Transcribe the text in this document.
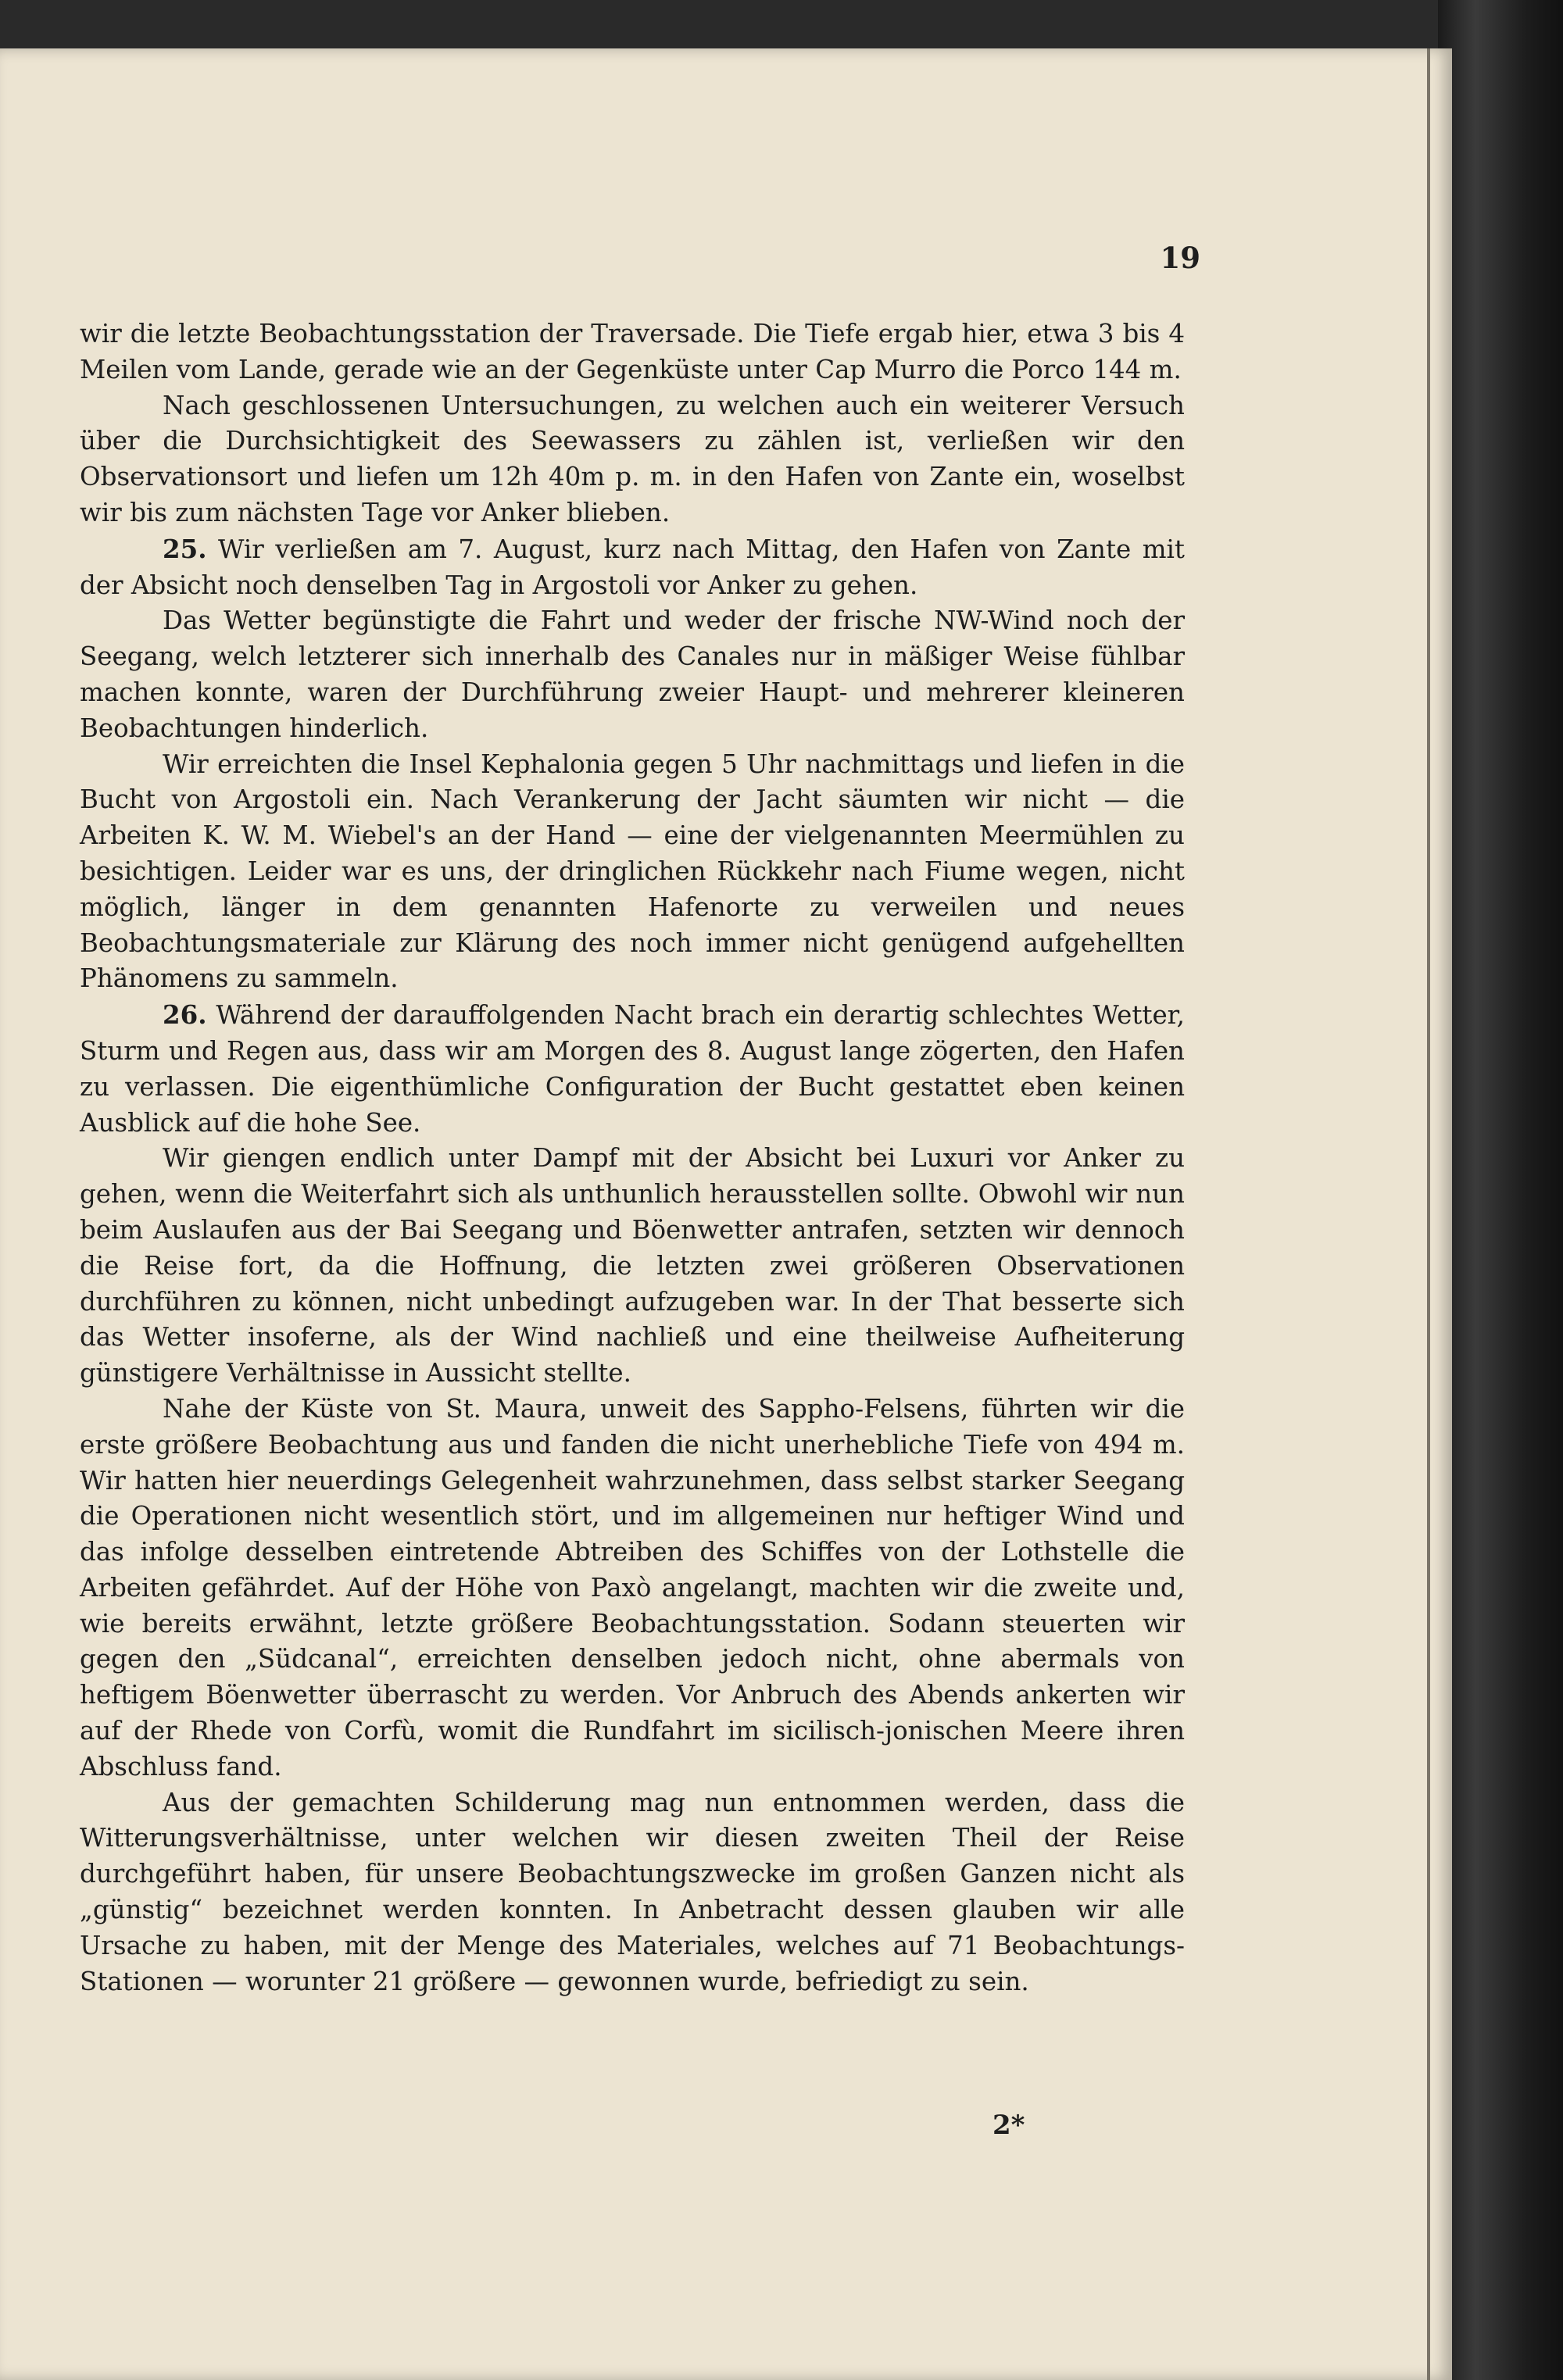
19

wir die letzte Beobachtungsstation der Traversade. Die Tiefe ergab hier, etwa 3 bis 4 Meilen vom Lande, gerade wie an der Gegenküste unter Cap Murro die Porco 144 m.

Nach geschlossenen Untersuchungen, zu welchen auch ein weiterer Versuch über die Durchsichtigkeit des Seewassers zu zählen ist, verließen wir den Observationsort und liefen um 12h 40m p. m. in den Hafen von Zante ein, woselbst wir bis zum nächsten Tage vor Anker blieben.

25. Wir verließen am 7. August, kurz nach Mittag, den Hafen von Zante mit der Absicht noch denselben Tag in Argostoli vor Anker zu gehen.

Das Wetter begünstigte die Fahrt und weder der frische NW-Wind noch der Seegang, welch letzterer sich innerhalb des Canales nur in mäßiger Weise fühlbar machen konnte, waren der Durchführung zweier Haupt- und mehrerer kleineren Beobachtungen hinderlich.

Wir erreichten die Insel Kephalonia gegen 5 Uhr nachmittags und liefen in die Bucht von Argostoli ein. Nach Verankerung der Jacht säumten wir nicht — die Arbeiten K. W. M. Wiebel's an der Hand — eine der vielgenannten Meermühlen zu besichtigen. Leider war es uns, der dringlichen Rückkehr nach Fiume wegen, nicht möglich, länger in dem genannten Hafenorte zu verweilen und neues Beobachtungsmateriale zur Klärung des noch immer nicht genügend aufgehellten Phänomens zu sammeln.

26. Während der darauffolgenden Nacht brach ein derartig schlechtes Wetter, Sturm und Regen aus, dass wir am Morgen des 8. August lange zögerten, den Hafen zu verlassen. Die eigenthümliche Configuration der Bucht gestattet eben keinen Ausblick auf die hohe See.

Wir giengen endlich unter Dampf mit der Absicht bei Luxuri vor Anker zu gehen, wenn die Weiterfahrt sich als unthunlich herausstellen sollte. Obwohl wir nun beim Auslaufen aus der Bai Seegang und Böenwetter antrafen, setzten wir dennoch die Reise fort, da die Hoffnung, die letzten zwei größeren Observationen durchführen zu können, nicht unbedingt aufzugeben war. In der That besserte sich das Wetter insoferne, als der Wind nachließ und eine theilweise Aufheiterung günstigere Verhältnisse in Aussicht stellte.

Nahe der Küste von St. Maura, unweit des Sappho-Felsens, führten wir die erste größere Beobachtung aus und fanden die nicht unerhebliche Tiefe von 494 m. Wir hatten hier neuerdings Gelegenheit wahrzunehmen, dass selbst starker Seegang die Operationen nicht wesentlich stört, und im allgemeinen nur heftiger Wind und das infolge desselben eintretende Abtreiben des Schiffes von der Lothstelle die Arbeiten gefährdet. Auf der Höhe von Paxò angelangt, machten wir die zweite und, wie bereits erwähnt, letzte größere Beobachtungsstation. Sodann steuerten wir gegen den „Südcanal“, erreichten denselben jedoch nicht, ohne abermals von heftigem Böenwetter überrascht zu werden. Vor Anbruch des Abends ankerten wir auf der Rhede von Corfù, womit die Rundfahrt im sicilisch-jonischen Meere ihren Abschluss fand.

Aus der gemachten Schilderung mag nun entnommen werden, dass die Witterungsverhältnisse, unter welchen wir diesen zweiten Theil der Reise durchgeführt haben, für unsere Beobachtungszwecke im großen Ganzen nicht als „günstig“ bezeichnet werden konnten. In Anbetracht dessen glauben wir alle Ursache zu haben, mit der Menge des Materiales, welches auf 71 Beobachtungs-Stationen — worunter 21 größere — gewonnen wurde, befriedigt zu sein.

2*
